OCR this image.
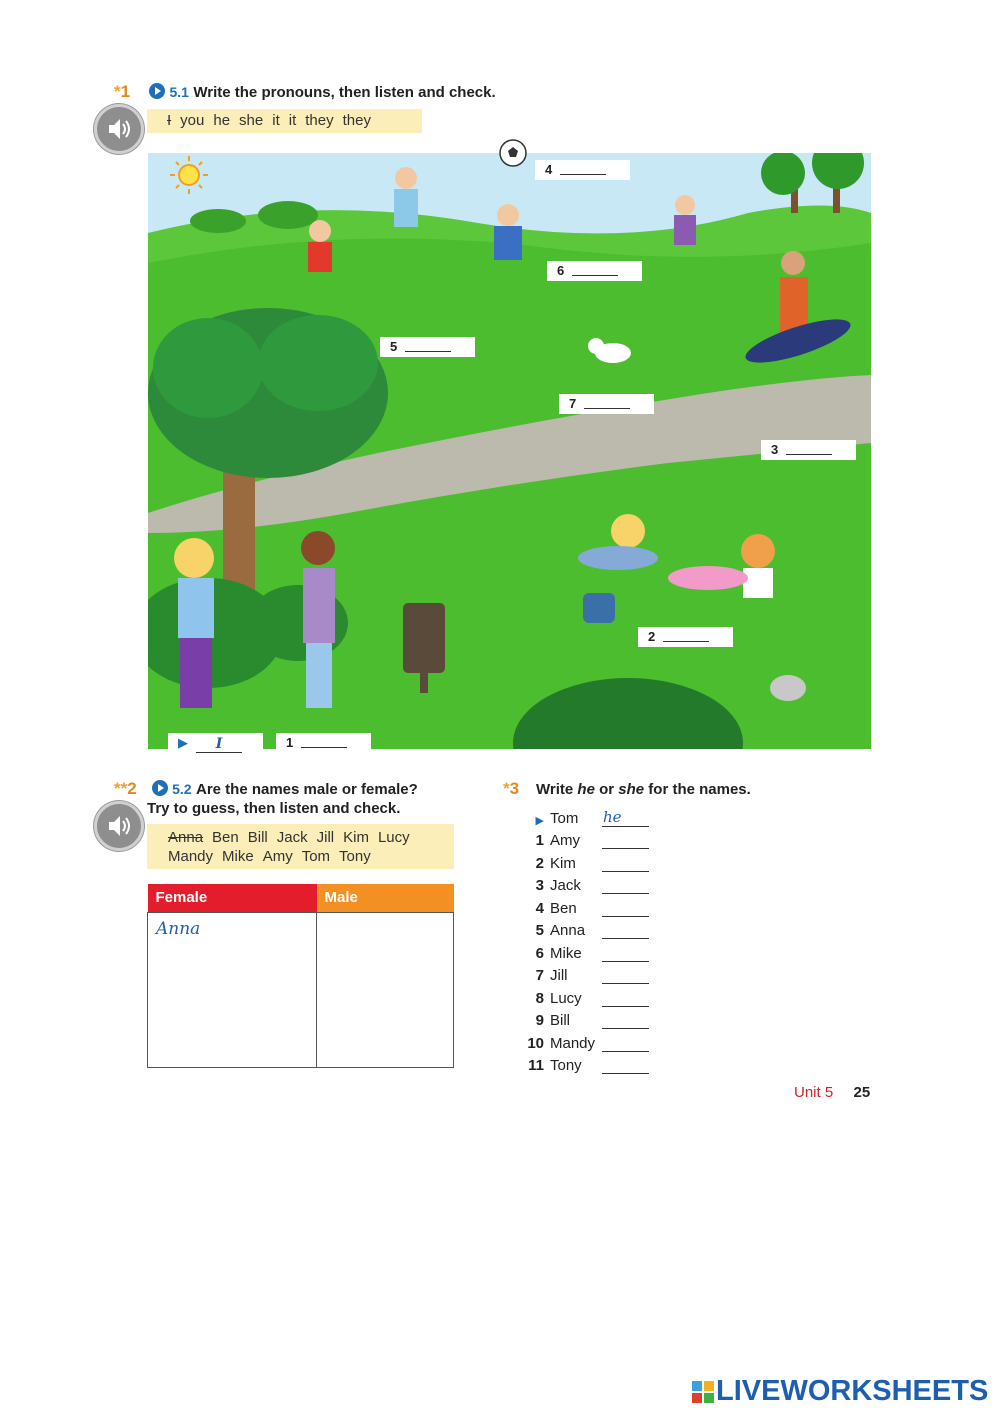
*1	5.1 Write the pronouns, then listen and check.
I you he she it it they they
4
6
5
7
3
2
▶ I	1
**2	5.2 Are the names male or female?
Try to guess, then listen and check.
Anna Ben Bill Jack Jill Kim Lucy
Mandy Mike Amy Tom Tony
Female	Male
Anna	
*3 Write he or she for the names.
▶ Tom	he
1 Amy
2 Kim
3 Jack
4 Ben
5 Anna
6 Mike
7 Jill
8 Lucy
9 Bill
10 Mandy
11 Tony
Unit 5 25
LIVEWORKSHEETS
